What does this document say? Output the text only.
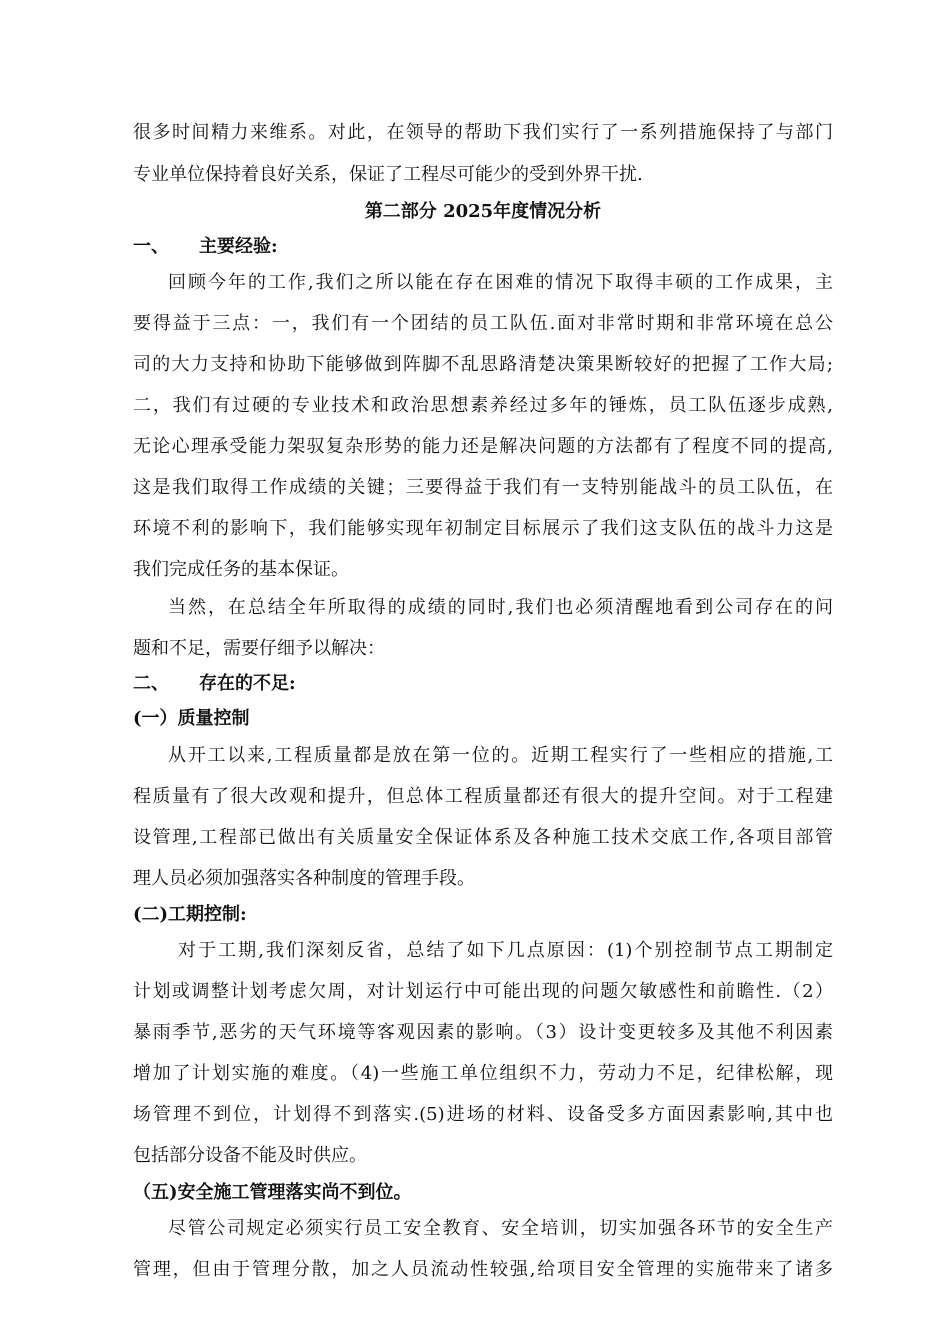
很多时间精力来维系。对此，在领导的帮助下我们实行了一系列措施保持了与部门
专业单位保持着良好关系，保证了工程尽可能少的受到外界干扰.
第二部分 2025年度情况分析
一、 主要经验:
回顾今年的工作,我们之所以能在存在困难的情况下取得丰硕的工作成果，主
要得益于三点：一，我们有一个团结的员工队伍.面对非常时期和非常环境在总公
司的大力支持和协助下能够做到阵脚不乱思路清楚决策果断较好的把握了工作大局;
二，我们有过硬的专业技术和政治思想素养经过多年的锤炼，员工队伍逐步成熟,
无论心理承受能力架驭复杂形势的能力还是解决问题的方法都有了程度不同的提高,
这是我们取得工作成绩的关键；三要得益于我们有一支特别能战斗的员工队伍，在
环境不利的影响下，我们能够实现年初制定目标展示了我们这支队伍的战斗力这是
我们完成任务的基本保证。
当然，在总结全年所取得的成绩的同时,我们也必须清醒地看到公司存在的问
题和不足，需要仔细予以解决：
二、 存在的不足:
(一）质量控制
从开工以来,工程质量都是放在第一位的。近期工程实行了一些相应的措施,工
程质量有了很大改观和提升，但总体工程质量都还有很大的提升空间。对于工程建
设管理,工程部已做出有关质量安全保证体系及各种施工技术交底工作,各项目部管
理人员必须加强落实各种制度的管理手段。
(二)工期控制:
对于工期,我们深刻反省，总结了如下几点原因：(1)个别控制节点工期制定
计划或调整计划考虑欠周，对计划运行中可能出现的问题欠敏感性和前瞻性.（2）
暴雨季节,恶劣的天气环境等客观因素的影响。（3）设计变更较多及其他不利因素
增加了计划实施的难度。（4)一些施工单位组织不力，劳动力不足，纪律松解，现
场管理不到位，计划得不到落实.(5)进场的材料、设备受多方面因素影响,其中也
包括部分设备不能及时供应。
（五)安全施工管理落实尚不到位。
尽管公司规定必须实行员工安全教育、安全培训，切实加强各环节的安全生产
管理，但由于管理分散，加之人员流动性较强,给项目安全管理的实施带来了诸多
